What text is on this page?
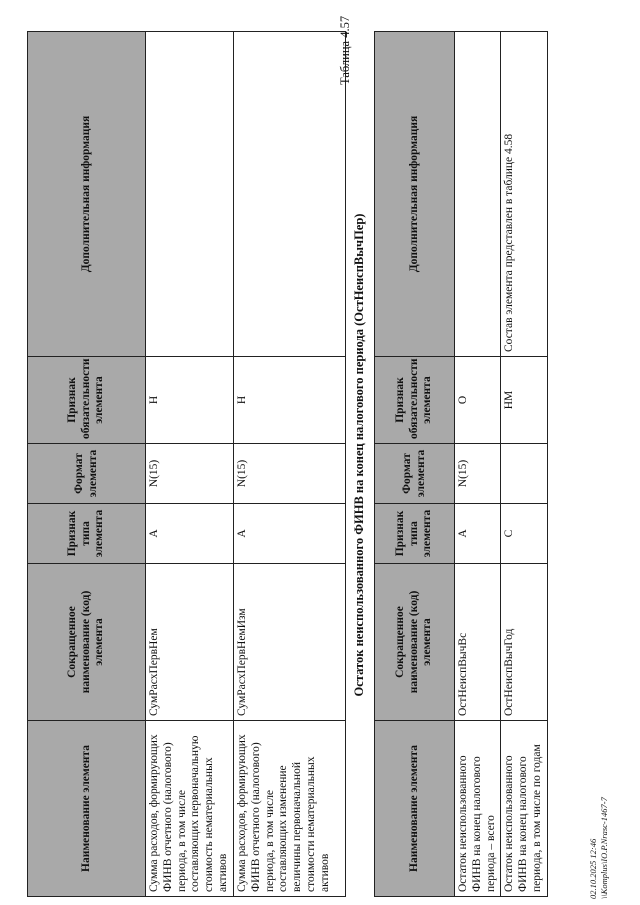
Наименование элемента	Сокращенное наименование (код) элемента	Признак типа элемента	Формат элемента	Признак обязательности элемента	Дополнительная информация
Сумма расходов, формирующих ФИНВ отчетного (налогового) периода, в том числе составляющих первоначальную стоимость нематериальных активов	СумРасхПервНем	А	N(15)	Н	
Сумма расходов, формирующих ФИНВ отчетного (налогового) периода, в том числе составляющих изменение величины первоначальной стоимости нематериальных активов	СумРасхПервНемИзм	А	N(15)	Н	
Таблица 4.57
Остаток неиспользованного ФИНВ на конец налогового периода (ОстНеиспВычПер)
Наименование элемента	Сокращенное наименование (код) элемента	Признак типа элемента	Формат элемента	Признак обязательности элемента	Дополнительная информация
Остаток неиспользованного ФИНВ на конец налогового периода – всего	ОстНеиспВычВс	А	N(15)	О	
Остаток неиспользованного ФИНВ на конец налогового периода, в том числе по годам	ОстНеиспВычГод	С		НМ	Состав элемента представлен в таблице 4.58
02.10.2025 12:46 \\Komplus\IO.P.Nrasc-1467-7
